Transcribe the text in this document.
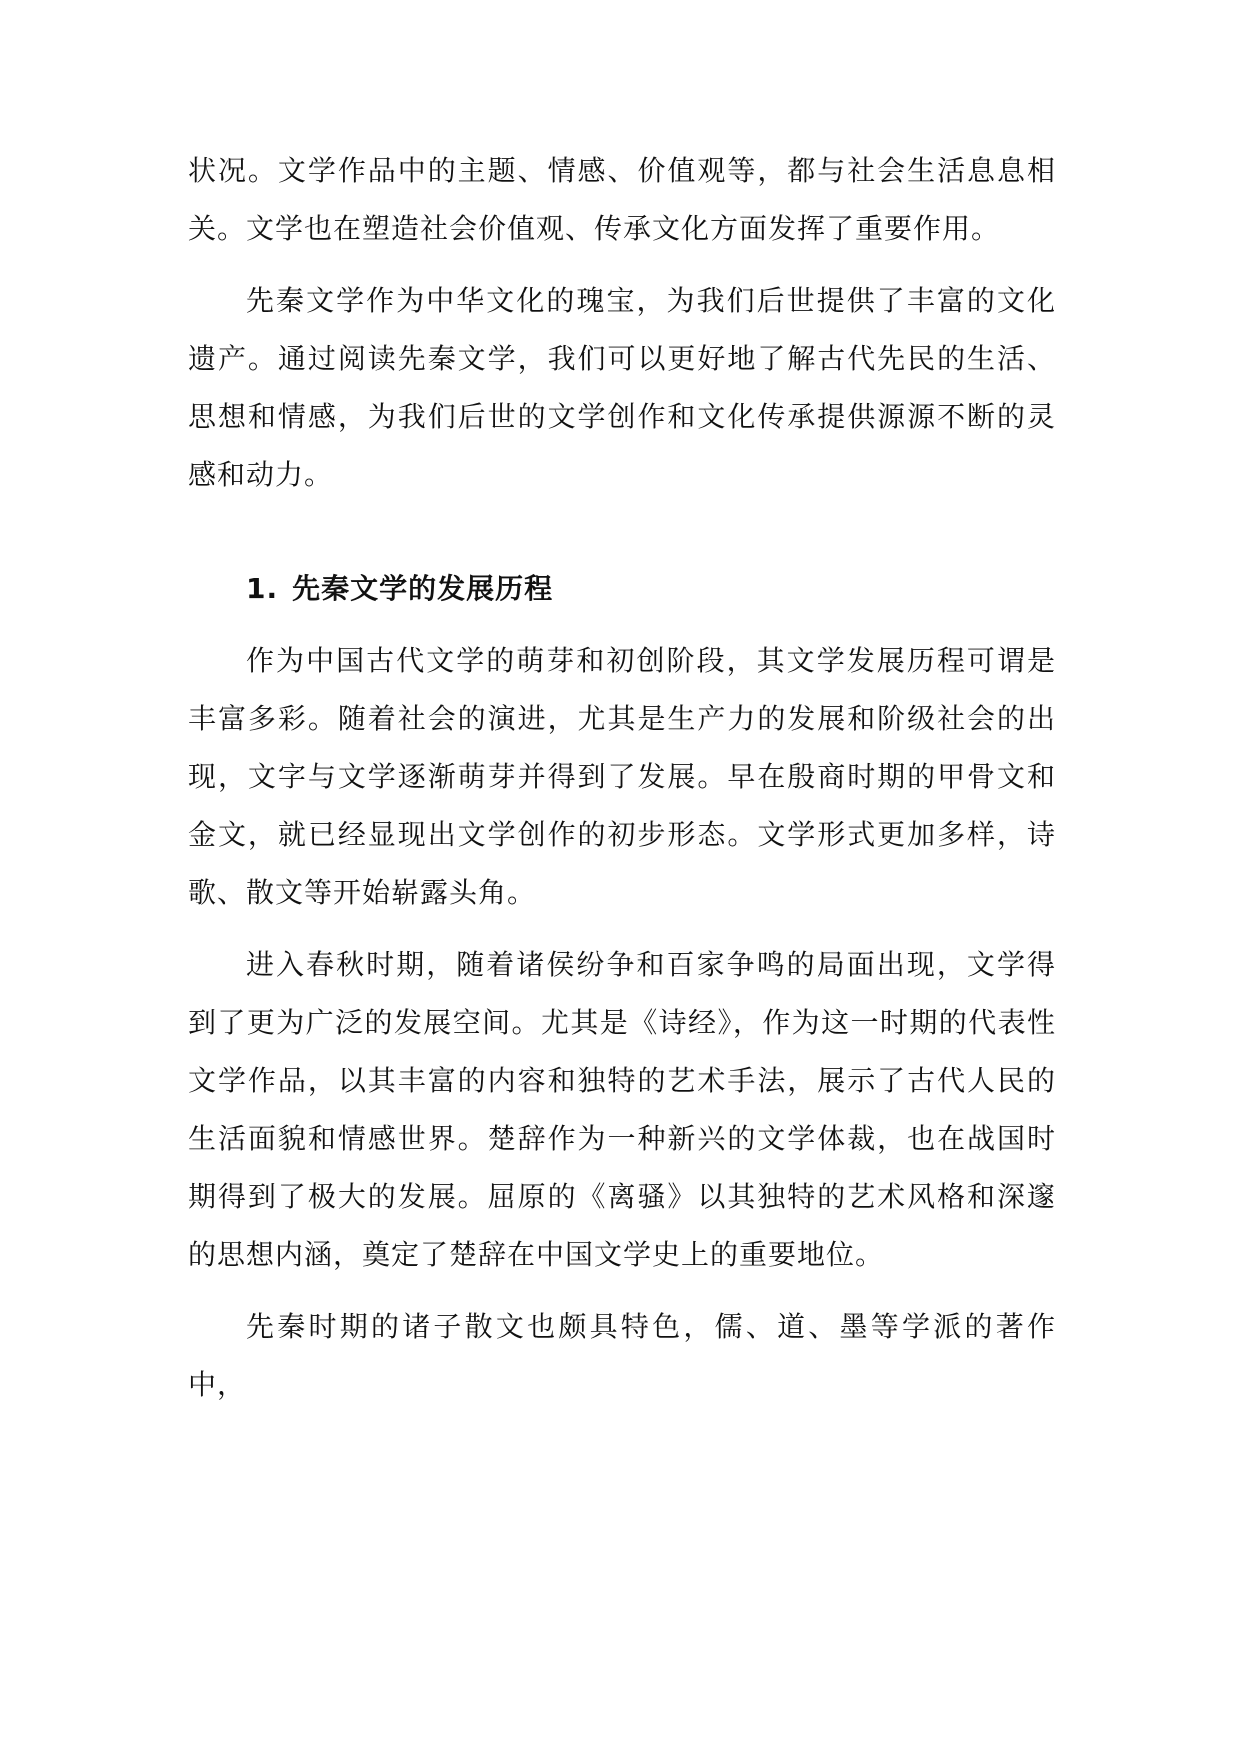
状况。文学作品中的主题、情感、价值观等，都与社会生活息息相关。文学也在塑造社会价值观、传承文化方面发挥了重要作用。

先秦文学作为中华文化的瑰宝，为我们后世提供了丰富的文化遗产。通过阅读先秦文学，我们可以更好地了解古代先民的生活、思想和情感，为我们后世的文学创作和文化传承提供源源不断的灵感和动力。

1. 先秦文学的发展历程

作为中国古代文学的萌芽和初创阶段，其文学发展历程可谓是丰富多彩。随着社会的演进，尤其是生产力的发展和阶级社会的出现，文字与文学逐渐萌芽并得到了发展。早在殷商时期的甲骨文和金文，就已经显现出文学创作的初步形态。文学形式更加多样，诗歌、散文等开始崭露头角。

进入春秋时期，随着诸侯纷争和百家争鸣的局面出现，文学得到了更为广泛的发展空间。尤其是《诗经》，作为这一时期的代表性文学作品，以其丰富的内容和独特的艺术手法，展示了古代人民的生活面貌和情感世界。楚辞作为一种新兴的文学体裁，也在战国时期得到了极大的发展。屈原的《离骚》以其独特的艺术风格和深邃的思想内涵，奠定了楚辞在中国文学史上的重要地位。

先秦时期的诸子散文也颇具特色，儒、道、墨等学派的著作中，
